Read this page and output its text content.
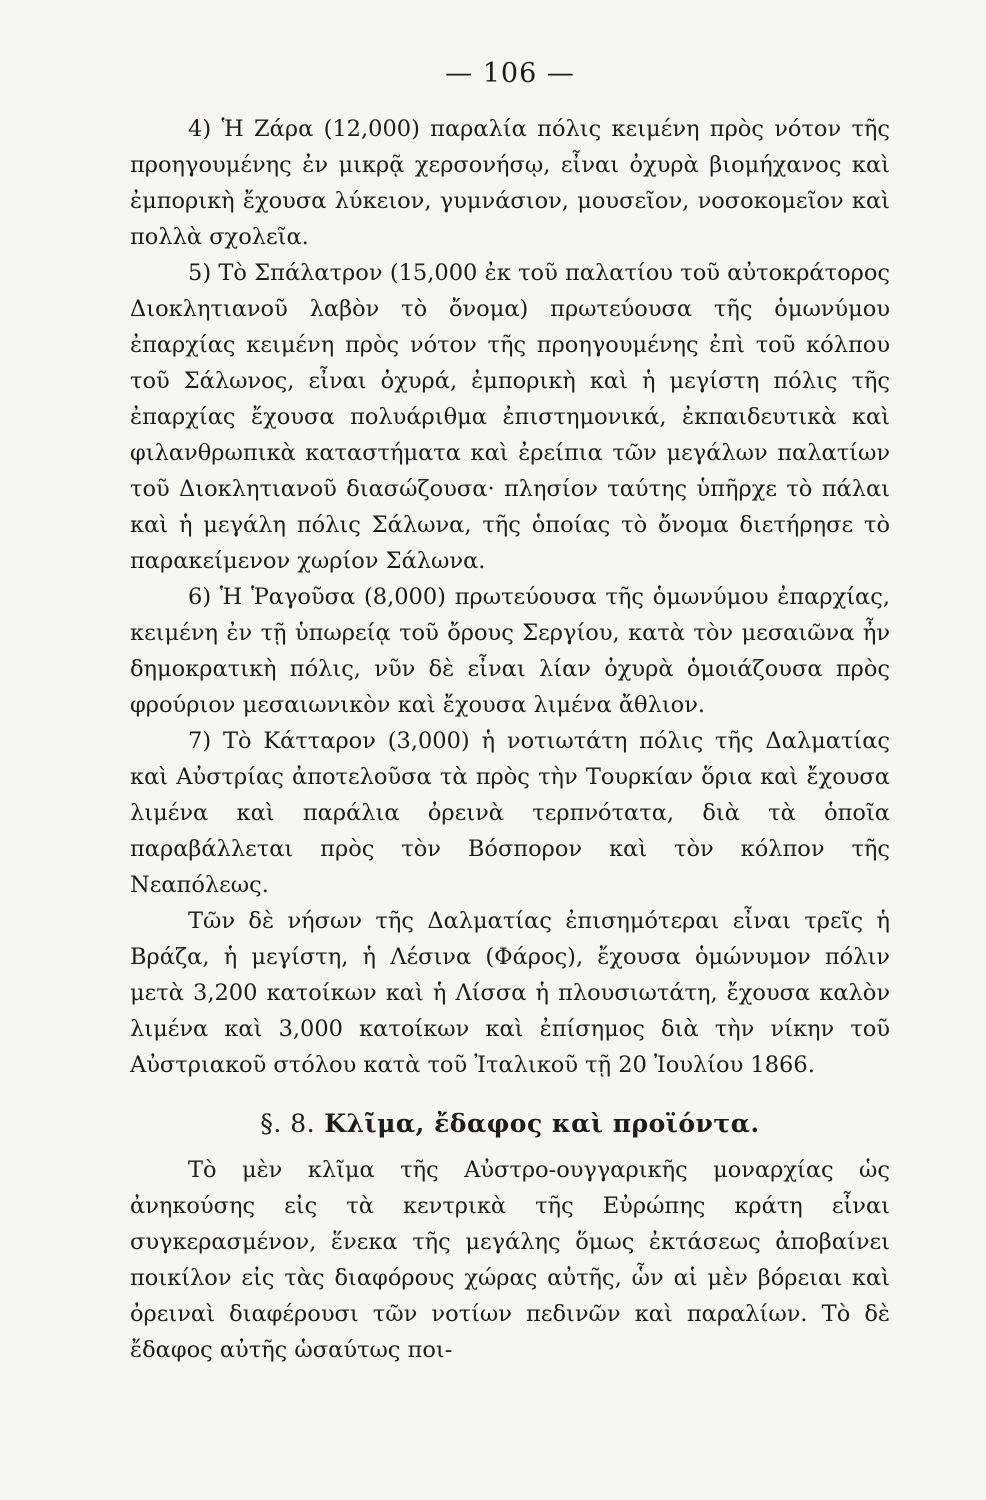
— 106 —

4) Ἡ Ζάρα (12,000) παραλία πόλις κειμένη πρὸς νότον τῆς προηγουμένης ἐν μικρᾷ χερσονήσῳ, εἶναι ὀχυρὰ βιομήχανος καὶ ἐμπορικὴ ἔχουσα λύκειον, γυμνάσιον, μουσεῖον, νοσοκομεῖον καὶ πολλὰ σχολεῖα.

5) Τὸ Σπάλατρον (15,000 ἐκ τοῦ παλατίου τοῦ αὐτοκράτορος Διοκλητιανοῦ λαβὸν τὸ ὄνομα) πρωτεύουσα τῆς ὁμωνύμου ἐπαρχίας κειμένη πρὸς νότον τῆς προηγουμένης ἐπὶ τοῦ κόλπου τοῦ Σάλωνος, εἶναι ὀχυρά, ἐμπορικὴ καὶ ἡ μεγίστη πόλις τῆς ἐπαρχίας ἔχουσα πολυάριθμα ἐπιστημονικά, ἐκπαιδευτικὰ καὶ φιλανθρωπικὰ καταστήματα καὶ ἐρείπια τῶν μεγάλων παλατίων τοῦ Διοκλητιανοῦ διασώζουσα· πλησίον ταύτης ὑπῆρχε τὸ πάλαι καὶ ἡ μεγάλη πόλις Σάλωνα, τῆς ὁποίας τὸ ὄνομα διετήρησε τὸ παρακείμενον χωρίον Σάλωνα.

6) Ἡ Ῥαγοῦσα (8,000) πρωτεύουσα τῆς ὁμωνύμου ἐπαρχίας, κειμένη ἐν τῇ ὑπωρείᾳ τοῦ ὄρους Σεργίου, κατὰ τὸν μεσαιῶνα ἦν δημοκρατικὴ πόλις, νῦν δὲ εἶναι λίαν ὀχυρὰ ὁμοιάζουσα πρὸς φρούριον μεσαιωνικὸν καὶ ἔχουσα λιμένα ἄθλιον.

7) Τὸ Κάτταρον (3,000) ἡ νοτιωτάτη πόλις τῆς Δαλματίας καὶ Αὐστρίας ἀποτελοῦσα τὰ πρὸς τὴν Τουρκίαν ὅρια καὶ ἔχουσα λιμένα καὶ παράλια ὀρεινὰ τερπνότατα, διὰ τὰ ὁποῖα παραβάλλεται πρὸς τὸν Βόσπορον καὶ τὸν κόλπον τῆς Νεαπόλεως.

Τῶν δὲ νήσων τῆς Δαλματίας ἐπισημότεραι εἶναι τρεῖς ἡ Βράζα, ἡ μεγίστη, ἡ Λέσινα (Φάρος), ἔχουσα ὁμώνυμον πόλιν μετὰ 3,200 κατοίκων καὶ ἡ Λίσσα ἡ πλουσιωτάτη, ἔχουσα καλὸν λιμένα καὶ 3,000 κατοίκων καὶ ἐπίσημος διὰ τὴν νίκην τοῦ Αὐστριακοῦ στόλου κατὰ τοῦ Ἰταλικοῦ τῇ 20 Ἰουλίου 1866.

§. 8. Κλῖμα, ἔδαφος καὶ προϊόντα.

Τὸ μὲν κλῖμα τῆς Αὐστρο-ουγγαρικῆς μοναρχίας ὡς ἀνηκούσης εἰς τὰ κεντρικὰ τῆς Εὐρώπης κράτη εἶναι συγκερασμένον, ἕνεκα τῆς μεγάλης ὅμως ἐκτάσεως ἀποβαίνει ποικίλον εἰς τὰς διαφόρους χώρας αὐτῆς, ὧν αἱ μὲν βόρειαι καὶ ὀρειναὶ διαφέρουσι τῶν νοτίων πεδινῶν καὶ παραλίων. Τὸ δὲ ἔδαφος αὐτῆς ὡσαύτως ποι-
